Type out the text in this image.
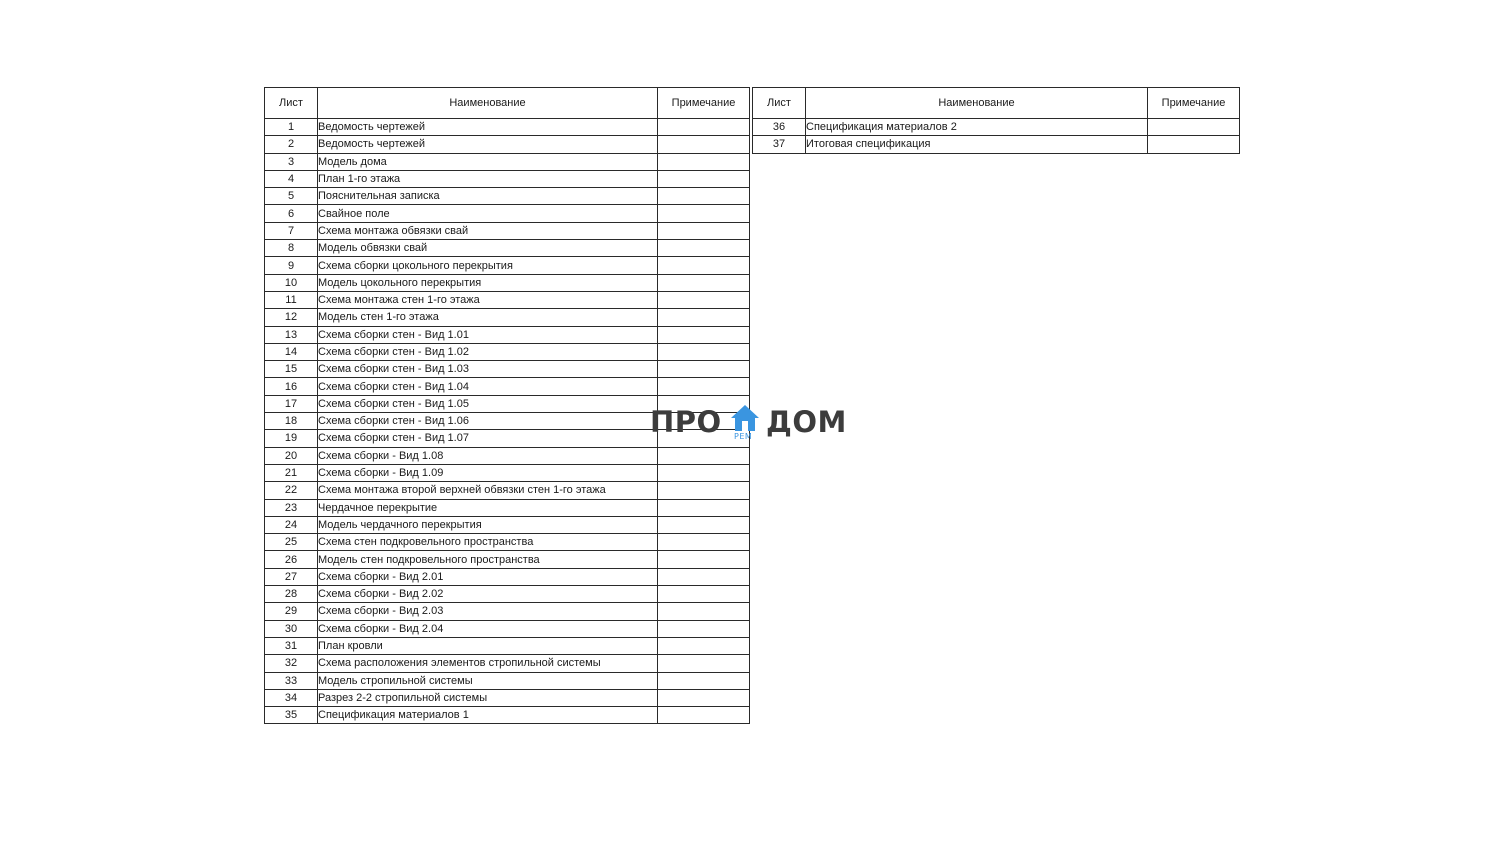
Лист	Наименование	Примечание
1	Ведомость чертежей	
2	Ведомость чертежей	
3	Модель дома	
4	План 1-го этажа	
5	Пояснительная записка	
6	Свайное поле	
7	Схема монтажа обвязки свай	
8	Модель обвязки свай	
9	Схема сборки цокольного перекрытия	
10	Модель цокольного перекрытия	
11	Схема монтажа стен 1-го этажа	
12	Модель стен 1-го этажа	
13	Схема сборки стен - Вид 1.01	
14	Схема сборки стен - Вид 1.02	
15	Схема сборки стен - Вид 1.03	
16	Схема сборки стен - Вид 1.04	
17	Схема сборки стен - Вид 1.05	
18	Схема сборки стен - Вид 1.06	
19	Схема сборки стен - Вид 1.07	
20	Схема сборки - Вид 1.08	
21	Схема сборки - Вид 1.09	
22	Схема монтажа второй верхней обвязки стен 1-го этажа	
23	Чердачное перекрытие	
24	Модель чердачного перекрытия	
25	Схема стен подкровельного пространства	
26	Модель стен подкровельного пространства	
27	Схема сборки - Вид 2.01	
28	Схема сборки - Вид 2.02	
29	Схема сборки - Вид 2.03	
30	Схема сборки - Вид 2.04	
31	План кровли	
32	Схема расположения элементов стропильной системы	
33	Модель стропильной системы	
34	Разрез 2-2 стропильной системы	
35	Спецификация материалов 1	
Лист	Наименование	Примечание
36	Спецификация материалов 2	
37	Итоговая спецификация	
ПРО РЕМ ДОМ
